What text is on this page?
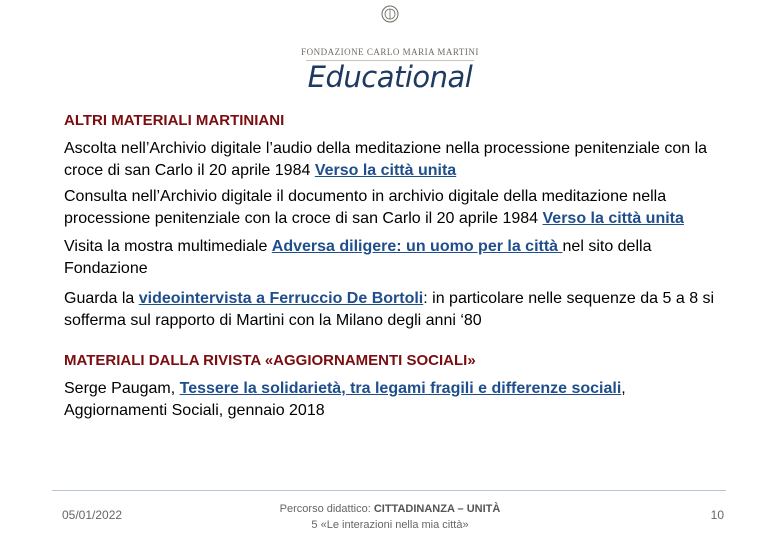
FONDAZIONE CARLO MARIA MARTINI
Educational
ALTRI MATERIALI MARTINIANI

Ascolta nell’Archivio digitale l’audio della meditazione nella processione penitenziale con la croce di san Carlo il 20 aprile 1984 Verso la città unita

Consulta nell’Archivio digitale il documento in archivio digitale della meditazione nella processione penitenziale con la croce di san Carlo il 20 aprile 1984 Verso la città unita

Visita la mostra multimediale Adversa diligere: un uomo per la città nel sito della Fondazione

Guarda la videointervista a Ferruccio De Bortoli: in particolare nelle sequenze da 5 a 8 si sofferma sul rapporto di Martini con la Milano degli anni ‘80

MATERIALI DALLA RIVISTA «AGGIORNAMENTI SOCIALI»

Serge Paugam, Tessere la solidarietà, tra legami fragili e differenze sociali, Aggiornamenti Sociali, gennaio 2018

05/01/2022	Percorso didattico: CITTADINANZA – UNITÀ
5 «Le interazioni nella mia città»
10
